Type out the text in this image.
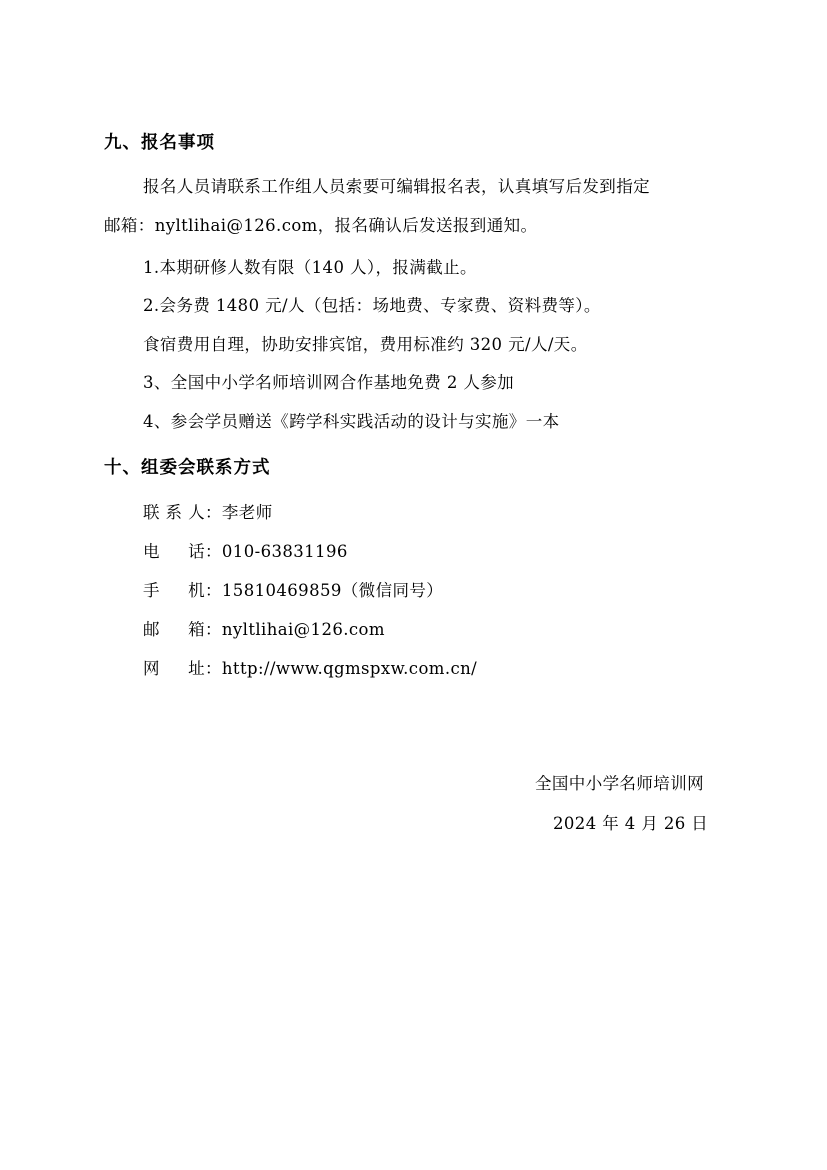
九、报名事项
报名人员请联系工作组人员索要可编辑报名表，认真填写后发到指定
邮箱：nyltlihai@126.com，报名确认后发送报到通知。
1.本期研修人数有限（140 人），报满截止。
2.会务费 1480 元/人（包括：场地费、专家费、资料费等）。
食宿费用自理，协助安排宾馆，费用标准约 320 元/人/天。
3、全国中小学名师培训网合作基地免费 2 人参加
4、参会学员赠送《跨学科实践活动的设计与实施》一本
十、组委会联系方式
联系人：李老师
电　话：010-63831196
手　机：15810469859（微信同号）
邮　箱：nyltlihai@126.com
网　址：http://www.qgmspxw.com.cn/
全国中小学名师培训网
2024 年 4 月 26 日
